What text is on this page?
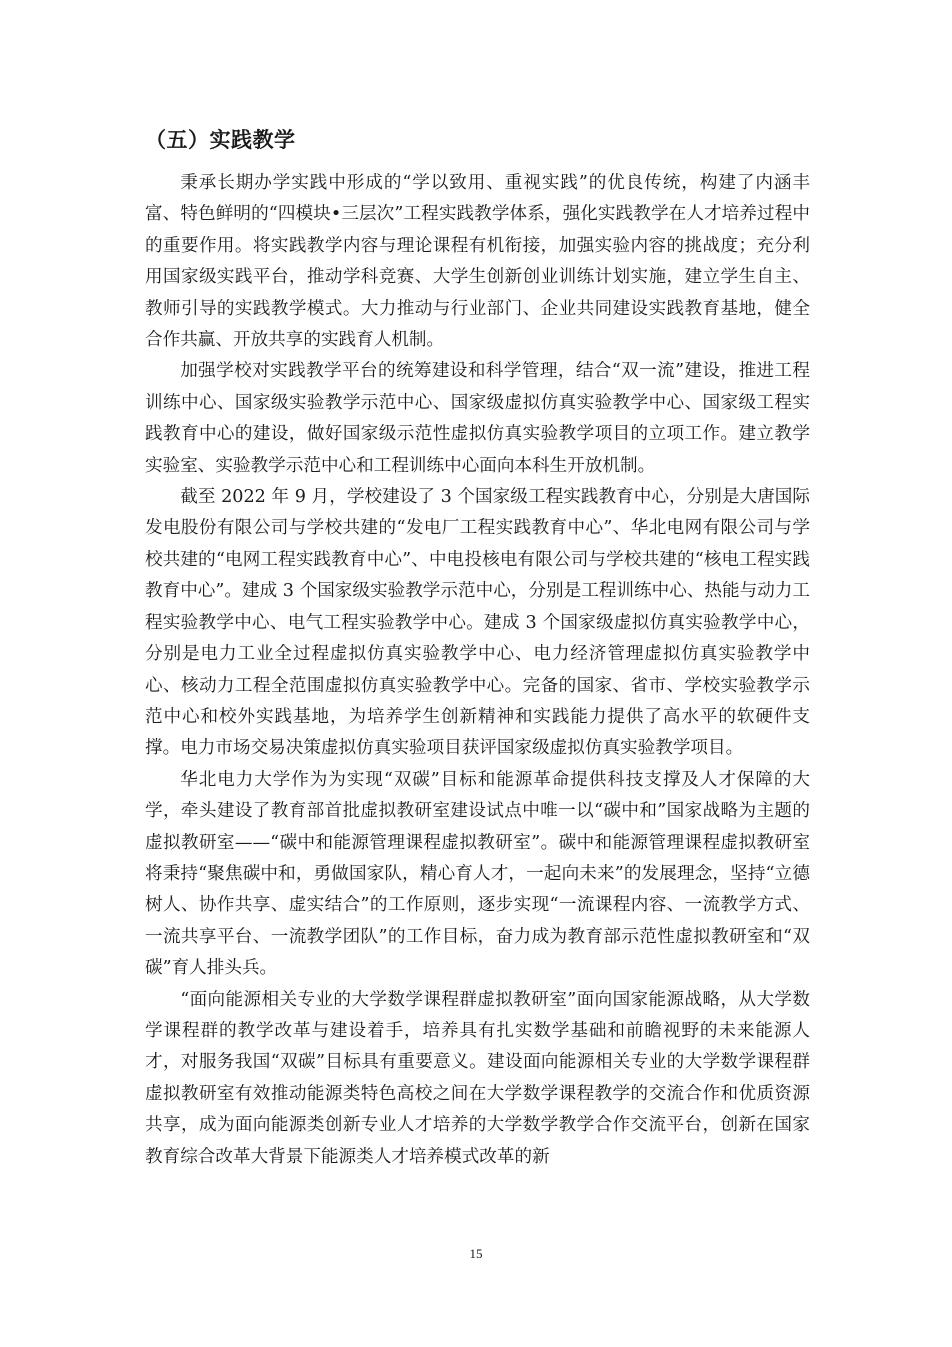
（五）实践教学

秉承长期办学实践中形成的“学以致用、重视实践”的优良传统，构建了内涵丰富、特色鲜明的“四模块•三层次”工程实践教学体系，强化实践教学在人才培养过程中的重要作用。将实践教学内容与理论课程有机衔接，加强实验内容的挑战度；充分利用国家级实践平台，推动学科竞赛、大学生创新创业训练计划实施，建立学生自主、教师引导的实践教学模式。大力推动与行业部门、企业共同建设实践教育基地，健全合作共赢、开放共享的实践育人机制。

加强学校对实践教学平台的统筹建设和科学管理，结合“双一流”建设，推进工程训练中心、国家级实验教学示范中心、国家级虚拟仿真实验教学中心、国家级工程实践教育中心的建设，做好国家级示范性虚拟仿真实验教学项目的立项工作。建立教学实验室、实验教学示范中心和工程训练中心面向本科生开放机制。

截至 2022 年 9 月，学校建设了 3 个国家级工程实践教育中心，分别是大唐国际发电股份有限公司与学校共建的“发电厂工程实践教育中心”、华北电网有限公司与学校共建的“电网工程实践教育中心”、中电投核电有限公司与学校共建的“核电工程实践教育中心”。建成 3 个国家级实验教学示范中心，分别是工程训练中心、热能与动力工程实验教学中心、电气工程实验教学中心。建成 3 个国家级虚拟仿真实验教学中心，分别是电力工业全过程虚拟仿真实验教学中心、电力经济管理虚拟仿真实验教学中心、核动力工程全范围虚拟仿真实验教学中心。完备的国家、省市、学校实验教学示范中心和校外实践基地，为培养学生创新精神和实践能力提供了高水平的软硬件支撑。电力市场交易决策虚拟仿真实验项目获评国家级虚拟仿真实验教学项目。

华北电力大学作为为实现“双碳”目标和能源革命提供科技支撑及人才保障的大学，牵头建设了教育部首批虚拟教研室建设试点中唯一以“碳中和”国家战略为主题的虚拟教研室——“碳中和能源管理课程虚拟教研室”。碳中和能源管理课程虚拟教研室将秉持“聚焦碳中和，勇做国家队，精心育人才，一起向未来”的发展理念，坚持“立德树人、协作共享、虚实结合”的工作原则，逐步实现“一流课程内容、一流教学方式、一流共享平台、一流教学团队”的工作目标，奋力成为教育部示范性虚拟教研室和“双碳”育人排头兵。

“面向能源相关专业的大学数学课程群虚拟教研室”面向国家能源战略，从大学数学课程群的教学改革与建设着手，培养具有扎实数学基础和前瞻视野的未来能源人才，对服务我国“双碳”目标具有重要意义。建设面向能源相关专业的大学数学课程群虚拟教研室有效推动能源类特色高校之间在大学数学课程教学的交流合作和优质资源共享，成为面向能源类创新专业人才培养的大学数学教学合作交流平台，创新在国家教育综合改革大背景下能源类人才培养模式改革的新

15
